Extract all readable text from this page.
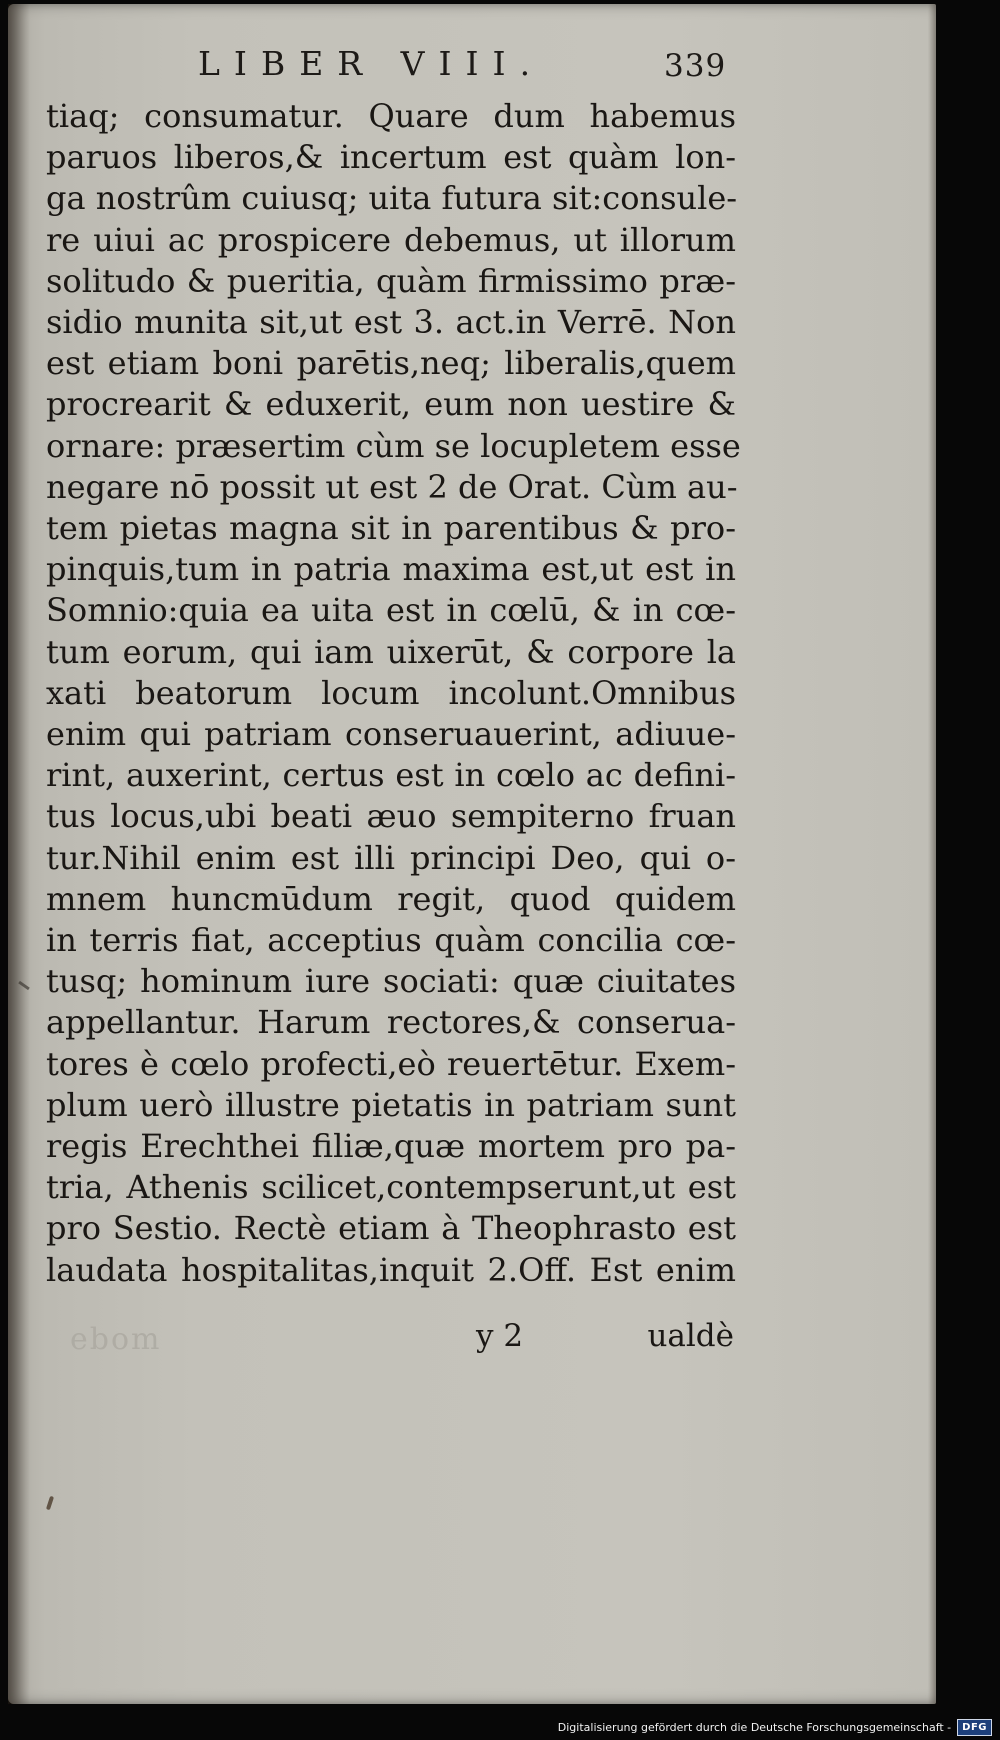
LIBER VIII.	339
tiaq; consumatur. Quare dum habemus
paruos liberos,& incertum est quàm lon-
ga nostrûm cuiusq; uita futura sit:consule-
re uiui ac prospicere debemus, ut illorum
solitudo & pueritia, quàm firmissimo præ-
sidio munita sit,ut est 3. act.in Verrē. Non
est etiam boni parētis,neq; liberalis,quem
procrearit & eduxerit, eum non uestire &
ornare: præsertim cùm se locupletem esse
negare nō possit ut est 2 de Orat. Cùm au-
tem pietas magna sit in parentibus & pro-
pinquis,tum in patria maxima est,ut est in
Somnio:quia ea uita est in cœlū, & in cœ-
tum eorum, qui iam uixerūt, & corpore la
xati beatorum locum incolunt.Omnibus
enim qui patriam conseruauerint, adiuue-
rint, auxerint, certus est in cœlo ac defini-
tus locus,ubi beati æuo sempiterno fruan
tur.Nihil enim est illi principi Deo, qui o-
mnem huncmūdum regit, quod quidem
in terris fiat, acceptius quàm concilia cœ-
tusq; hominum iure sociati: quæ ciuitates
appellantur. Harum rectores,& conserua-
tores è cœlo profecti,eò reuertētur. Exem-
plum uerò illustre pietatis in patriam sunt
regis Erechthei filiæ,quæ mortem pro pa-
tria, Athenis scilicet,contempserunt,ut est
pro Sestio. Rectè etiam à Theophrasto est
laudata hospitalitas,inquit 2.Off. Est enim
y 2	ualdè
ebom
Digitalisierung gefördert durch die Deutsche Forschungsgemeinschaft -	DFG
